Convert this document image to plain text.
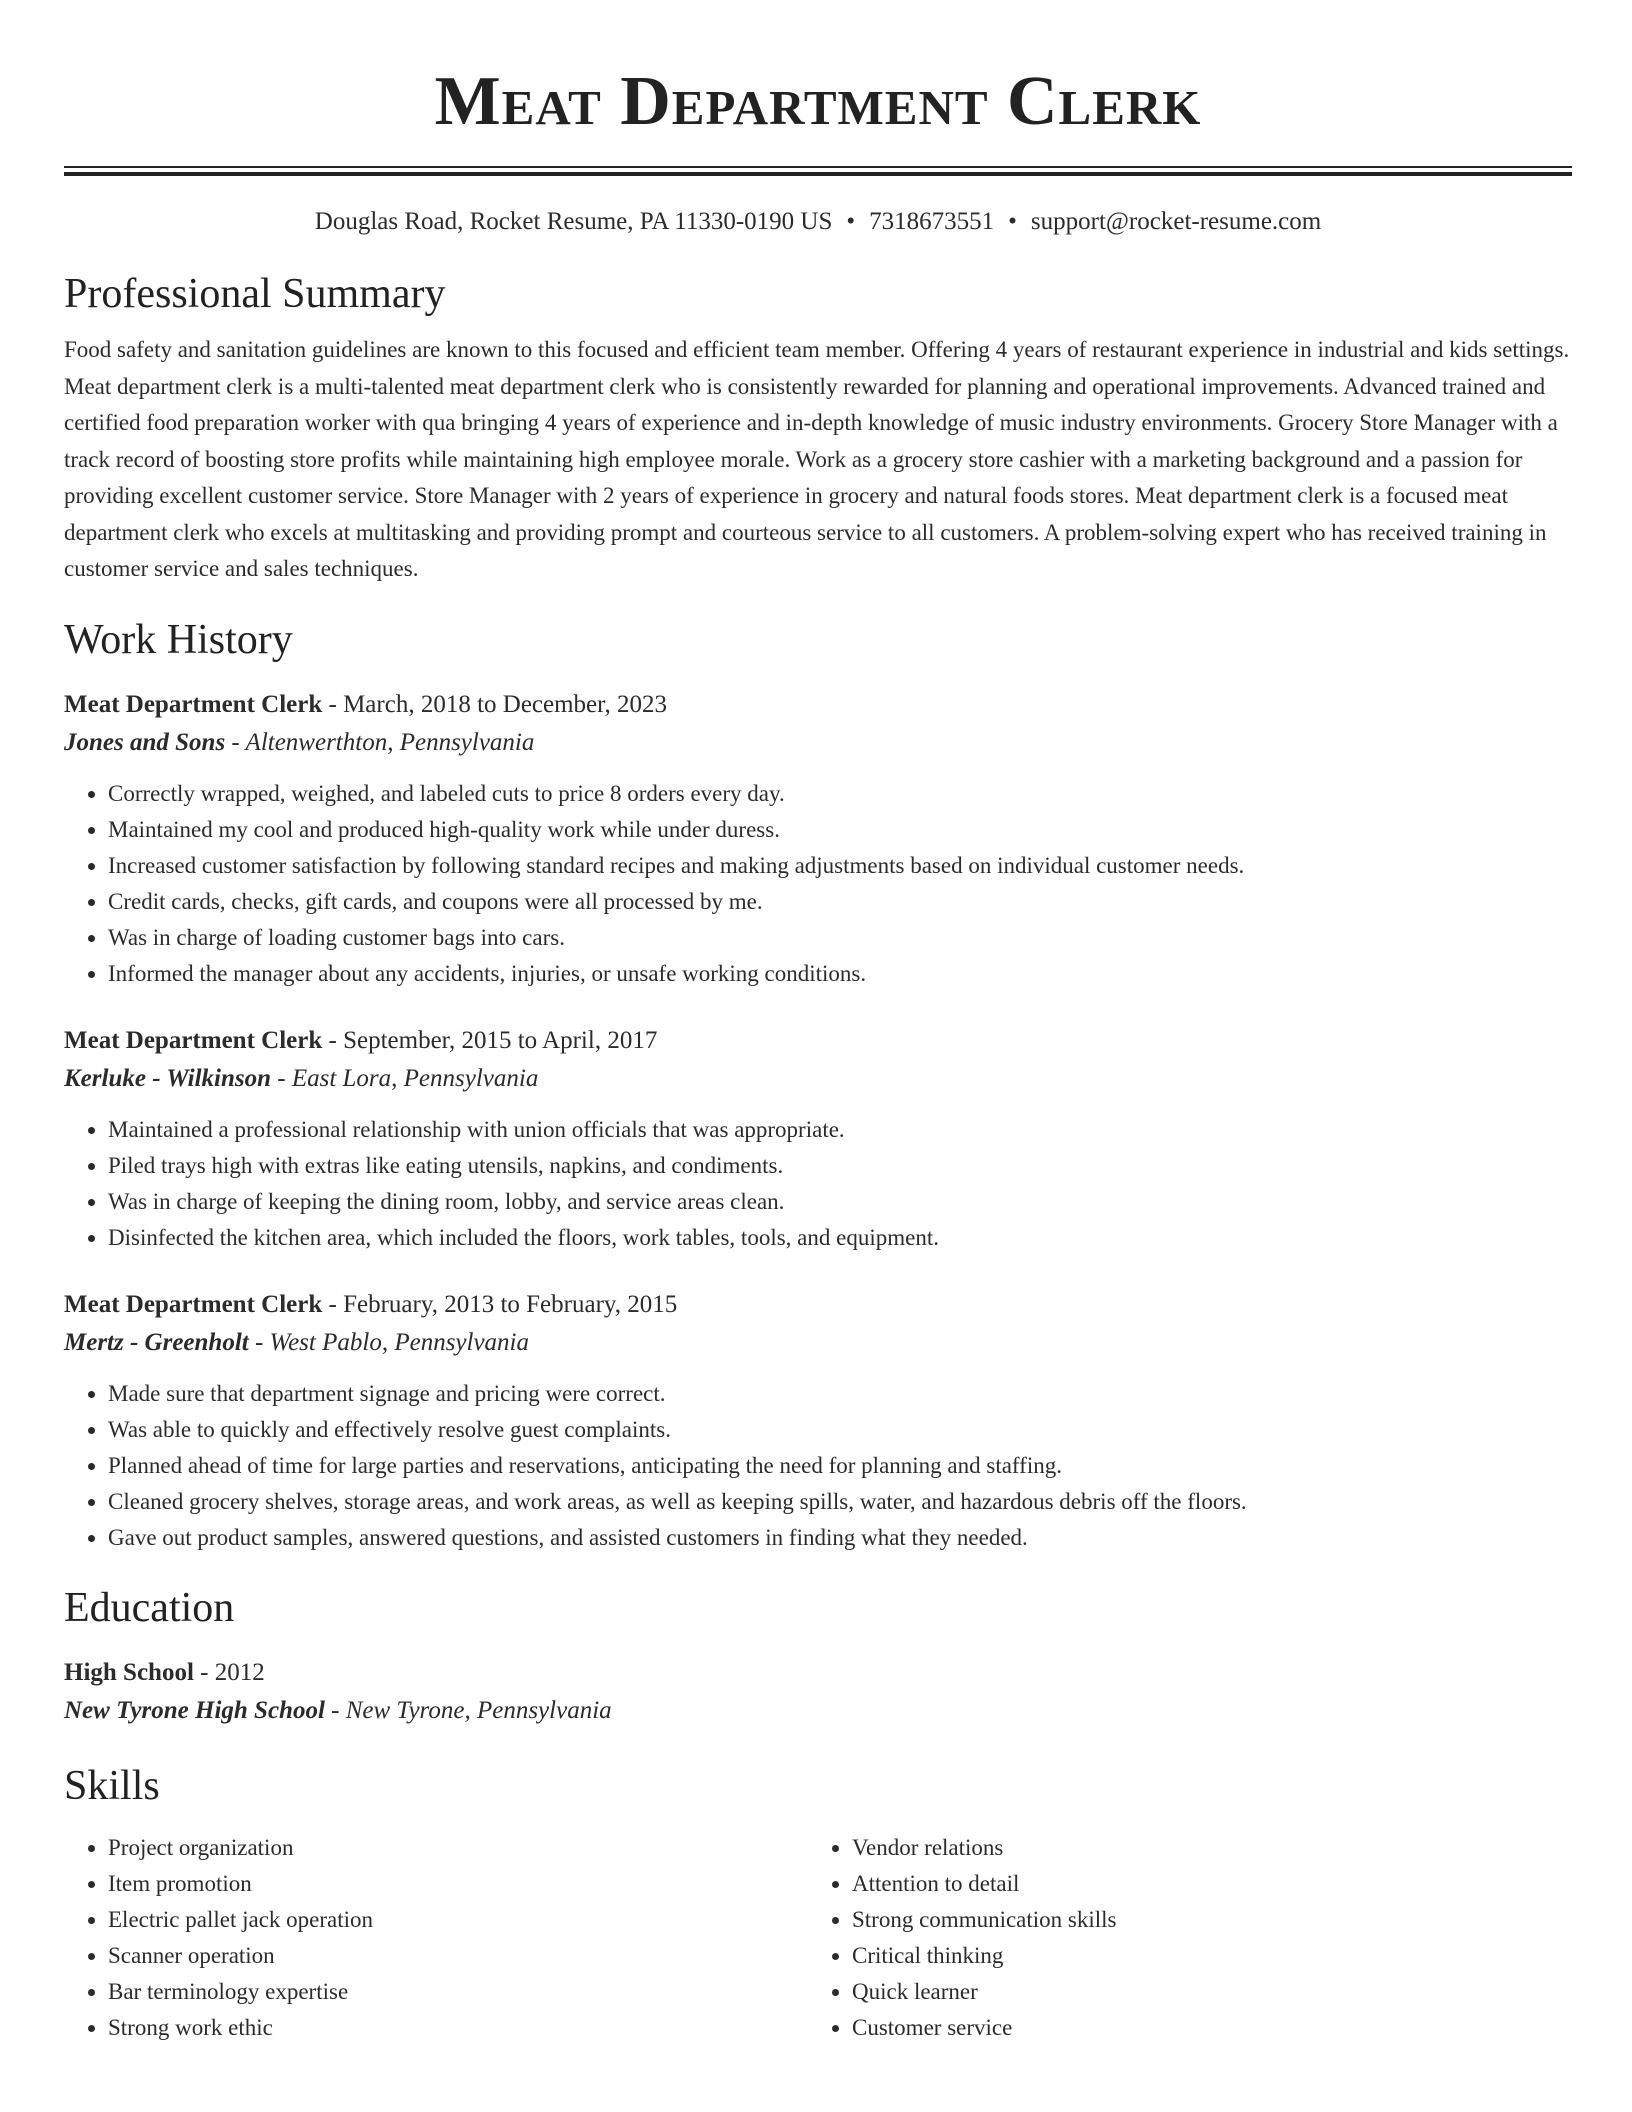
Meat Department Clerk
Douglas Road, Rocket Resume, PA 11330-0190 US • 7318673551 • support@rocket-resume.com
Professional Summary
Food safety and sanitation guidelines are known to this focused and efficient team member. Offering 4 years of restaurant experience in industrial and kids settings. Meat department clerk is a multi-talented meat department clerk who is consistently rewarded for planning and operational improvements. Advanced trained and certified food preparation worker with qua bringing 4 years of experience and in-depth knowledge of music industry environments. Grocery Store Manager with a track record of boosting store profits while maintaining high employee morale. Work as a grocery store cashier with a marketing background and a passion for providing excellent customer service. Store Manager with 2 years of experience in grocery and natural foods stores. Meat department clerk is a focused meat department clerk who excels at multitasking and providing prompt and courteous service to all customers. A problem-solving expert who has received training in customer service and sales techniques.
Work History
Meat Department Clerk - March, 2018 to December, 2023
Jones and Sons - Altenwerthton, Pennsylvania
• Correctly wrapped, weighed, and labeled cuts to price 8 orders every day.
• Maintained my cool and produced high-quality work while under duress.
• Increased customer satisfaction by following standard recipes and making adjustments based on individual customer needs.
• Credit cards, checks, gift cards, and coupons were all processed by me.
• Was in charge of loading customer bags into cars.
• Informed the manager about any accidents, injuries, or unsafe working conditions.
Meat Department Clerk - September, 2015 to April, 2017
Kerluke - Wilkinson - East Lora, Pennsylvania
• Maintained a professional relationship with union officials that was appropriate.
• Piled trays high with extras like eating utensils, napkins, and condiments.
• Was in charge of keeping the dining room, lobby, and service areas clean.
• Disinfected the kitchen area, which included the floors, work tables, tools, and equipment.
Meat Department Clerk - February, 2013 to February, 2015
Mertz - Greenholt - West Pablo, Pennsylvania
• Made sure that department signage and pricing were correct.
• Was able to quickly and effectively resolve guest complaints.
• Planned ahead of time for large parties and reservations, anticipating the need for planning and staffing.
• Cleaned grocery shelves, storage areas, and work areas, as well as keeping spills, water, and hazardous debris off the floors.
• Gave out product samples, answered questions, and assisted customers in finding what they needed.
Education
High School - 2012
New Tyrone High School - New Tyrone, Pennsylvania
Skills
• Project organization
• Item promotion
• Electric pallet jack operation
• Scanner operation
• Bar terminology expertise
• Strong work ethic
• Vendor relations
• Attention to detail
• Strong communication skills
• Critical thinking
• Quick learner
• Customer service
